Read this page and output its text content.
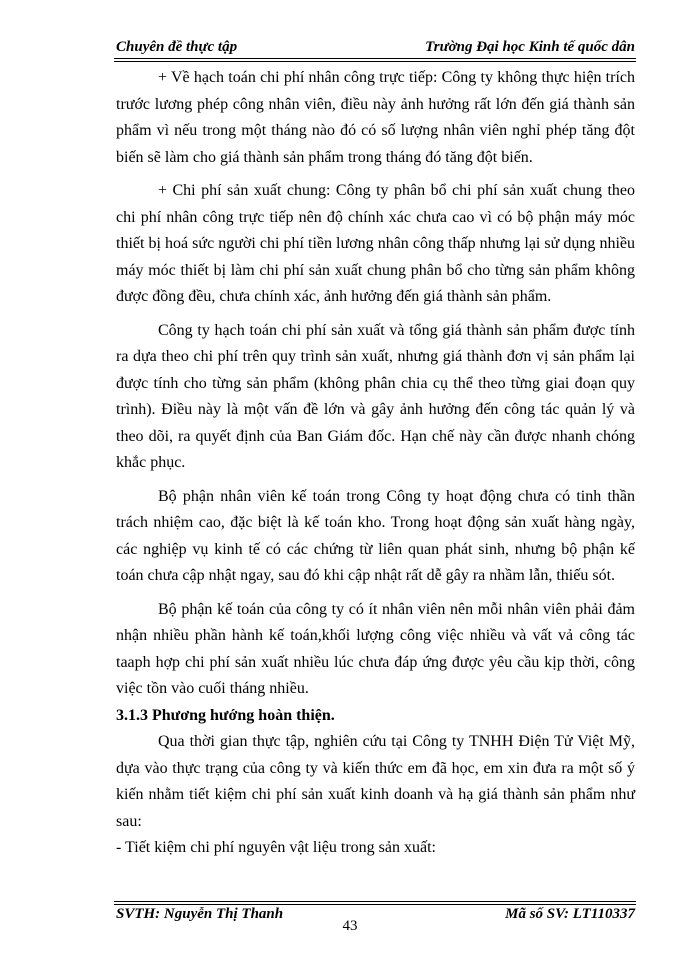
Chuyên đề thực tập	Trường Đại học Kinh tế quốc dân

+ Về hạch toán chi phí nhân công trực tiếp: Công ty không thực hiện trích trước lương phép công nhân viên, điều này ảnh hưởng rất lớn đến giá thành sản phẩm vì nếu trong một tháng nào đó có số lượng nhân viên nghỉ phép tăng đột biến sẽ làm cho giá thành sản phẩm trong tháng đó tăng đột biến.

+ Chi phí sản xuất chung: Công ty phân bổ chi phí sản xuất chung theo chi phí nhân công trực tiếp nên độ chính xác chưa cao vì có bộ phận máy móc thiết bị hoá sức người chi phí tiền lương nhân công thấp nhưng lại sử dụng nhiều máy móc thiết bị làm chi phí sản xuất chung phân bổ cho từng sản phẩm không được đồng đều, chưa chính xác, ảnh hưởng đến giá thành sản phẩm.

Công ty hạch toán chi phí sản xuất và tổng giá thành sản phẩm được tính ra dựa theo chi phí trên quy trình sản xuất, nhưng giá thành đơn vị sản phẩm lại được tính cho từng sản phẩm (không phân chia cụ thể theo từng giai đoạn quy trình). Điều này là một vấn đề lớn và gây ảnh hưởng đến công tác quản lý và theo dõi, ra quyết định của Ban Giám đốc. Hạn chế này cần được nhanh chóng khắc phục.

Bộ phận nhân viên kế toán trong Công ty hoạt động chưa có tinh thần trách nhiệm cao, đặc biệt là kế toán kho. Trong hoạt động sản xuất hàng ngày, các nghiệp vụ kinh tế có các chứng từ liên quan phát sinh, nhưng bộ phận kế toán chưa cập nhật ngay, sau đó khi cập nhật rất dễ gây ra nhầm lẫn, thiếu sót.

Bộ phận kế toán của công ty có ít nhân viên nên mỗi nhân viên phải đảm nhận nhiều phần hành kế toán,khối lượng công việc nhiều và vất vả công tác taaph hợp chi phí sản xuất nhiều lúc chưa đáp ứng được yêu cầu kịp thời, công việc tồn vào cuối tháng nhiều.

3.1.3 Phương hướng hoàn thiện.

Qua thời gian thực tập, nghiên cứu tại Công ty TNHH Điện Tử Việt Mỹ, dựa vào thực trạng của công ty và kiến thức em đã học, em xin đưa ra một số ý kiến nhằm tiết kiệm chi phí sản xuất kinh doanh và hạ giá thành sản phẩm như sau:

- Tiết kiệm chi phí nguyên vật liệu trong sản xuất:

SVTH: Nguyễn Thị Thanh	Mã số SV: LT110337
43
